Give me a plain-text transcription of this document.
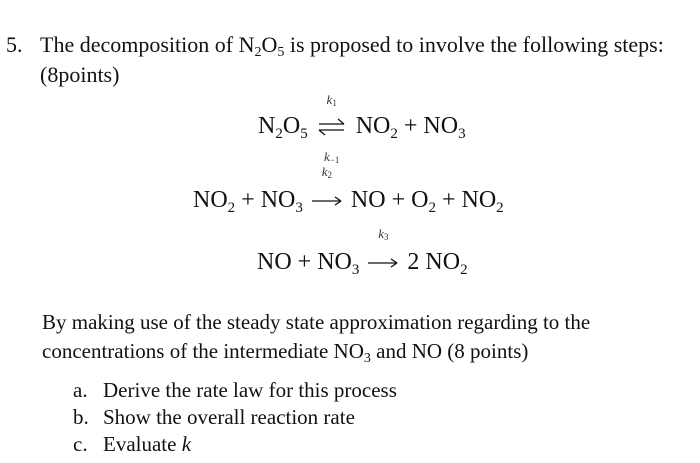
5. The decomposition of $N_2O_5$ is proposed to involve the following steps:
(8points)
$N_2O_5$
$k_1$
$k_{-1}$
$NO_2 + NO_3$
$NO_2 + NO_3$
$k_2$
NO + $O_2 + NO_2$
NO + $NO_3$
$k_3$
2 $NO_2$
By making use of the steady state approximation regarding to the
concentrations of the intermediate $NO_3$ and NO (8 points)
a. Derive the rate law for this process
b. Show the overall reaction rate
c. Evaluate k
